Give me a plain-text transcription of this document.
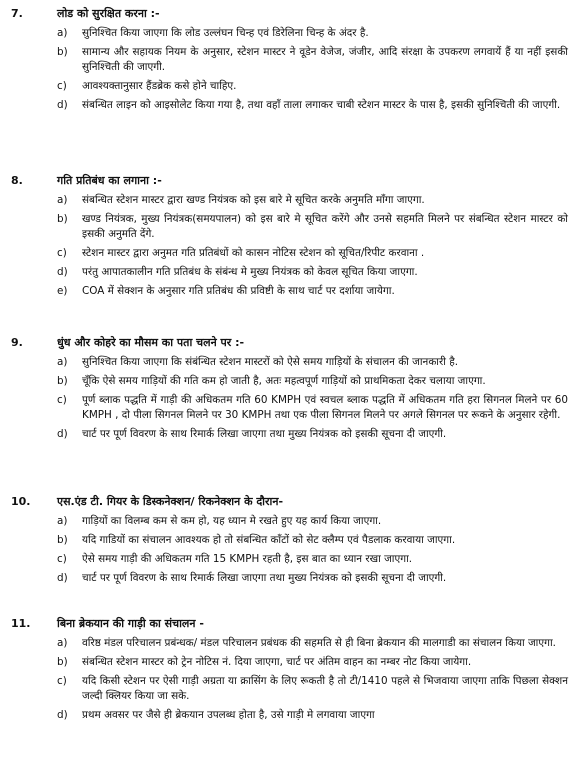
7.	लोड को सुरक्षित करना :-
a)	सुनिश्चित किया जाएगा कि लोड उल्लंघन चिन्ह एवं डिरेलिना चिन्ह के अंदर है.
b)	सामान्य और सहायक नियम के अनुसार, स्टेशन मास्टर ने वूडेन वेजेज, जंजीर, आदि संरक्षा के उपकरण लगवायें हैं या नहीं इसकी सुनिश्चिती की जाएगी.
c)	आवश्यक्तानुसार हैंडब्रेक कसे होने चाहिए.
d)	संबन्धित लाइन को आइसोलेट किया गया है, तथा वहाँ ताला लगाकर चाबी स्टेशन मास्टर के पास है, इसकी सुनिश्चिती की जाएगी.
8.	गति प्रतिबंध का लगाना :-
a)	संबन्धित स्टेशन मास्टर द्वारा खण्ड नियंत्रक को इस बारे मे सूचित करके अनुमति माँगा जाएगा.
b)	खण्ड नियंत्रक, मुख्य नियंत्रक(समयपालन) को इस बारे मे सूचित करेंगे और उनसे सहमति मिलने पर संबन्धित स्टेशन मास्टर को इसकी अनुमति देंगे.
c)	स्टेशन मास्टर द्वारा अनुमत गति प्रतिबंधों को कासन नोटिस स्टेशन को सूचित/रिपीट करवाना .
d)	परंतु आपातकालीन गति प्रतिबंध के संबंन्ध मे मुख्य नियंत्रक को केवल सूचित किया जाएगा.
e)	COA में सेक्शन के अनुसार गति प्रतिबंध की प्रविष्टी के साथ चार्ट पर दर्शाया जायेगा.
9.	धुंध और कोहरे का मौसम का पता चलने पर :-
a)	सुनिश्चित किया जाएगा कि संबंन्धित स्टेशन मास्टरों को ऐसे समय गाड़ियों के संचालन की जानकारी है.
b)	चूँकि ऐसे समय गाड़ियों की गति कम हो जाती है, अतः महत्वपूर्ण गाड़ियों को प्राथमिकता देकर चलाया जाएगा.
c)	पूर्ण ब्लाक पद्धति में गाड़ी की अधिकतम गति 60 KMPH एवं स्वचल ब्लाक पद्धति में अधिकतम गति हरा सिगनल मिलने पर 60 KMPH , दो पीला सिगनल मिलने पर 30 KMPH तथा एक पीला सिगनल मिलने पर अगले सिगनल पर रूकने के अनुसार रहेगी.
d)	चार्ट पर पूर्ण विवरण के साथ रिमार्क लिखा जाएगा तथा मुख्य नियंत्रक को इसकी सूचना दी जाएगी.
10.	एस.एंड टी. गियर के डिस्कनेक्शन/ रिकनेक्शन के दौरान-
a)	गाड़ियों का विलम्ब कम से कम हो, यह ध्यान मे रखते हुए यह कार्य किया जाएगा.
b)	यदि गाडियों का संचालन आवश्यक हो तो संबन्धित काँटों को सेट क्लैम्प एवं पैडलाक करवाया जाएगा.
c)	ऐसे समय गाड़ी की अधिकतम गति 15 KMPH रहती है, इस बात का ध्यान रखा जाएगा.
d)	चार्ट पर पूर्ण विवरण के साथ रिमार्क लिखा जाएगा तथा मुख्य नियंत्रक को इसकी सूचना दी जाएगी.
11.	बिना ब्रेकयान की गाड़ी का संचालन -
a)	वरिष्ठ मंडल परिचालन प्रबंन्धक/ मंडल परिचालन प्रबंधक की सहमति से ही बिना ब्रेकयान की मालगाडी का संचालन किया जाएगा.
b)	संबन्धित स्टेशन मास्टर को ट्रेन नोटिस नं. दिया जाएगा, चार्ट पर अंतिम वाहन का नम्बर नोट किया जायेगा.
c)	यदि किसी स्टेशन पर ऐसी गाड़ी अग्रता या क्रासिंग के लिए रूकती है तो टी/1410 पहले से भिजवाया जाएगा ताकि पिछला सेक्शन जल्दी क्लियर किया जा सके.
d)	प्रथम अवसर पर जैसे ही ब्रेकयान उपलब्ध होता है, उसे गाड़ी मे लगवाया जाएगा
